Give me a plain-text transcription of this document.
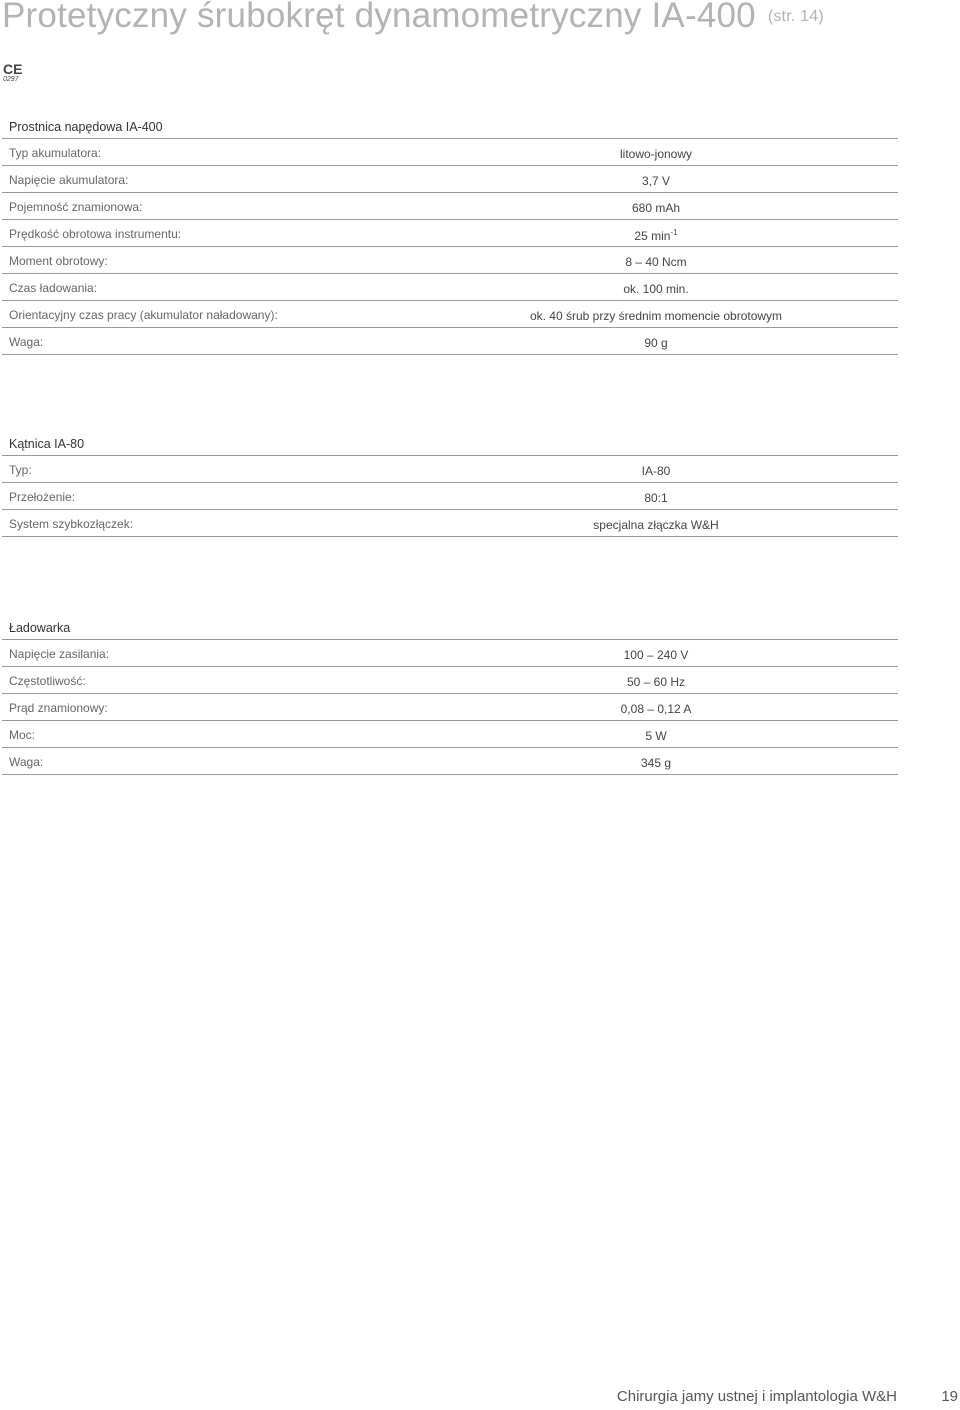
Protetyczny śrubokręt dynamometryczny IA-400 (str. 14)
CE
0297
Prostnica napędowa IA-400
Typ akumulatora:	litowo-jonowy
Napięcie akumulatora:	3,7 V
Pojemność znamionowa:	680 mAh
Prędkość obrotowa instrumentu:	25 $\min^{-1}$
Moment obrotowy:	8 – 40 Ncm
Czas ładowania:	ok. 100 min.
Orientacyjny czas pracy (akumulator naładowany):	ok. 40 śrub przy średnim momencie obrotowym
Waga:	90 g
Kątnica IA-80
Typ:	IA-80
Przełożenie:	80:1
System szybkozłączek:	specjalna złączka W&H
Ładowarka
Napięcie zasilania:	100 – 240 V
Częstotliwość:	50 – 60 Hz
Prąd znamionowy:	0,08 – 0,12 A
Moc:	5 W
Waga:	345 g
Chirurgia jamy ustnej i implantologia W&H	19
